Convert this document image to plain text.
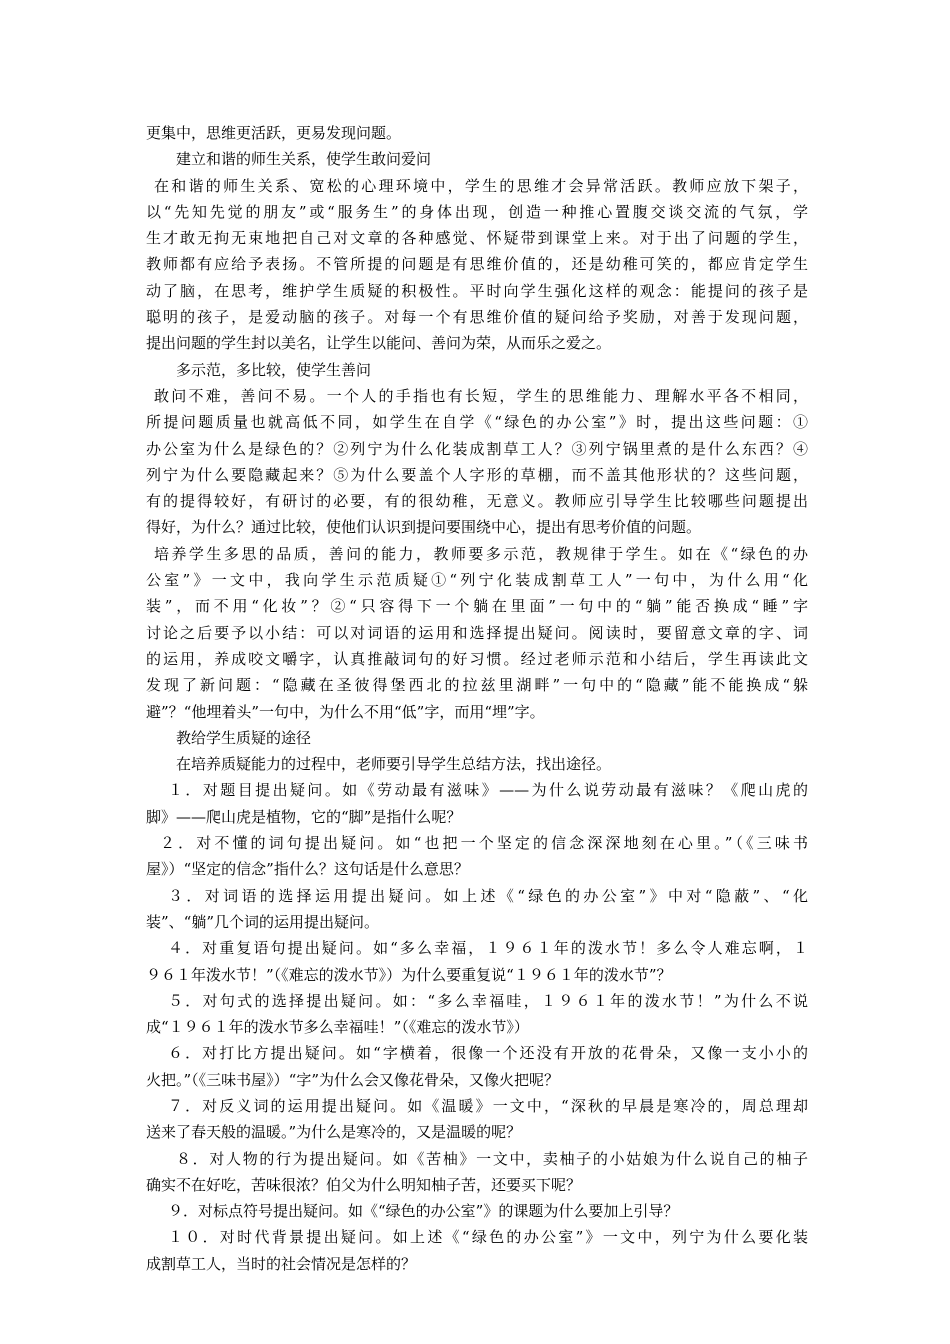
更集中，思维更活跃，更易发现问题。
建立和谐的师生关系，使学生敢问爱问
在和谐的师生关系、宽松的心理环境中，学生的思维才会异常活跃。教师应放下架子，
以“先知先觉的朋友”或“服务生”的身体出现，创造一种推心置腹交谈交流的气氛，学
生才敢无拘无束地把自己对文章的各种感觉、怀疑带到课堂上来。对于出了问题的学生，
教师都有应给予表扬。不管所提的问题是有思维价值的，还是幼稚可笑的，都应肯定学生
动了脑，在思考，维护学生质疑的积极性。平时向学生强化这样的观念：能提问的孩子是
聪明的孩子，是爱动脑的孩子。对每一个有思维价值的疑问给予奖励，对善于发现问题，
提出问题的学生封以美名，让学生以能问、善问为荣，从而乐之爱之。
多示范，多比较，使学生善问
敢问不难，善问不易。一个人的手指也有长短，学生的思维能力、理解水平各不相同，
所提问题质量也就高低不同，如学生在自学《“绿色的办公室”》时，提出这些问题：①
办公室为什么是绿色的？②列宁为什么化装成割草工人？③列宁锅里煮的是什么东西？④
列宁为什么要隐藏起来？⑤为什么要盖个人字形的草棚，而不盖其他形状的？这些问题，
有的提得较好，有研讨的必要，有的很幼稚，无意义。教师应引导学生比较哪些问题提出
得好，为什么？通过比较，使他们认识到提问要围绕中心，提出有思考价值的问题。
培养学生多思的品质，善问的能力，教师要多示范，教规律于学生。如在《“绿色的办
公室”》一文中，我向学生示范质疑①“列宁化装成割草工人”一句中，为什么用“化
装”，而不用“化妆”？②“只容得下一个躺在里面”一句中的“躺”能否换成“睡”字
讨论之后要予以小结：可以对词语的运用和选择提出疑问。阅读时，要留意文章的字、词
的运用，养成咬文嚼字，认真推敲词句的好习惯。经过老师示范和小结后，学生再读此文
发现了新问题：“隐藏在圣彼得堡西北的拉兹里湖畔”一句中的“隐藏”能不能换成“躲
避”？“他埋着头”一句中，为什么不用“低”字，而用“埋”字。
教给学生质疑的途径
在培养质疑能力的过程中，老师要引导学生总结方法，找出途径。
１．对题目提出疑问。如《劳动最有滋味》——为什么说劳动最有滋味？《爬山虎的
脚》——爬山虎是植物，它的“脚”是指什么呢？
２．对不懂的词句提出疑问。如“也把一个坚定的信念深深地刻在心里。”（《三味书
屋》）“坚定的信念”指什么？这句话是什么意思？
３．对词语的选择运用提出疑问。如上述《“绿色的办公室”》中对“隐蔽”、“化
装”、“躺”几个词的运用提出疑问。
４．对重复语句提出疑问。如“多么幸福，１９６１年的泼水节！多么令人难忘啊，１
９６１年泼水节！”（《难忘的泼水节》）为什么要重复说“１９６１年的泼水节”？
５．对句式的选择提出疑问。如：“多么幸福哇，１９６１年的泼水节！”为什么不说
成“１９６１年的泼水节多么幸福哇！”（《难忘的泼水节》）
６．对打比方提出疑问。如“字横着，很像一个还没有开放的花骨朵，又像一支小小的
火把。”（《三味书屋》）“字”为什么会又像花骨朵，又像火把呢？
７．对反义词的运用提出疑问。如《温暖》一文中，“深秋的早晨是寒冷的，周总理却
送来了春天般的温暖。”为什么是寒冷的，又是温暖的呢？
８．对人物的行为提出疑问。如《苦柚》一文中，卖柚子的小姑娘为什么说自己的柚子
确实不在好吃，苦味很浓？伯父为什么明知柚子苦，还要买下呢？
９．对标点符号提出疑问。如《“绿色的办公室”》的课题为什么要加上引导？
１０．对时代背景提出疑问。如上述《“绿色的办公室”》一文中，列宁为什么要化装
成割草工人，当时的社会情况是怎样的？
